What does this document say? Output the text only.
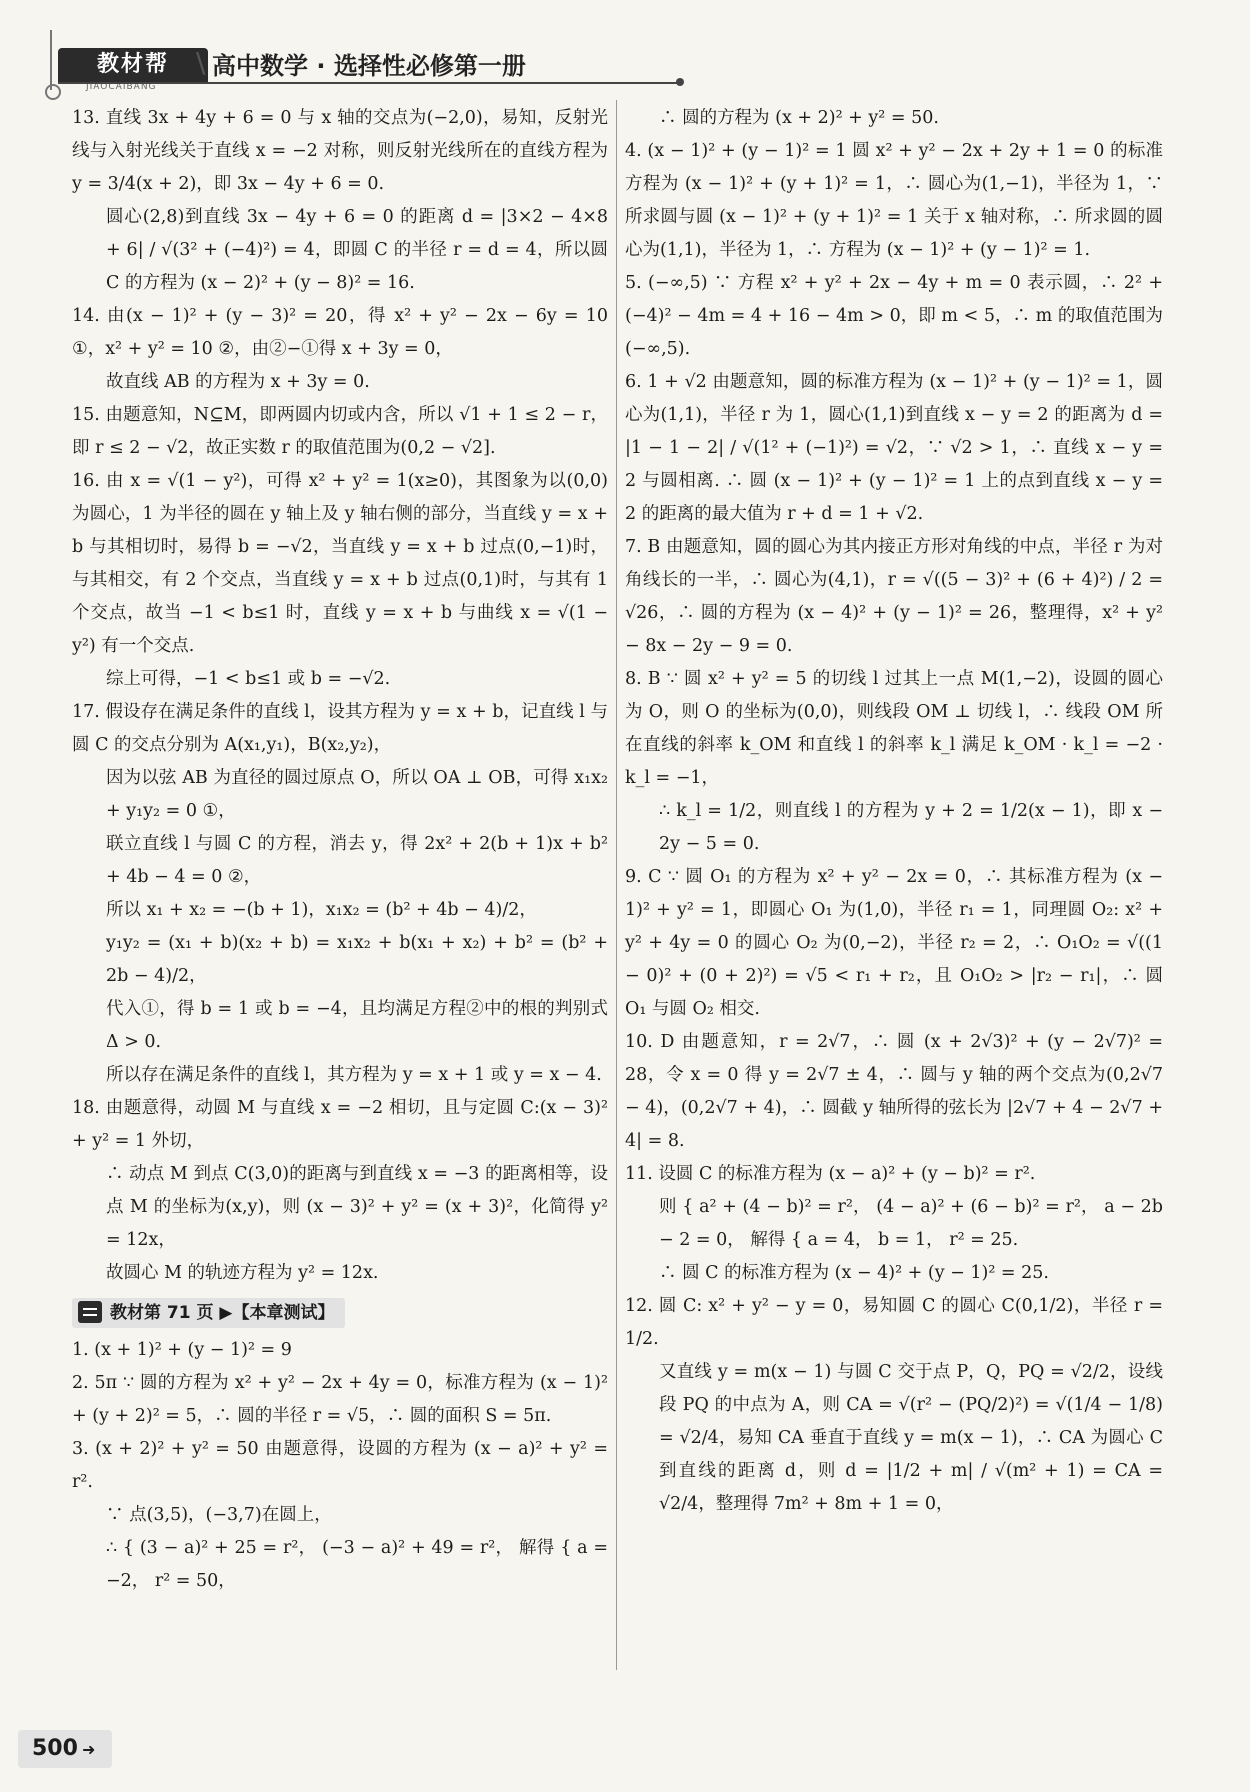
教材帮
JIAOCAIBANG
\ 高中数学 · 选择性必修第一册

13. 直线 3x + 4y + 6 = 0 与 x 轴的交点为(−2,0)，易知，反射光线与入射光线关于直线 x = −2 对称，则反射光线所在的直线方程为 y = 3/4(x + 2)，即 3x − 4y + 6 = 0.

圆心(2,8)到直线 3x − 4y + 6 = 0 的距离 d = |3×2 − 4×8 + 6| / √(3² + (−4)²) = 4，即圆 C 的半径 r = d = 4，所以圆 C 的方程为 (x − 2)² + (y − 8)² = 16.

14. 由(x − 1)² + (y − 3)² = 20，得 x² + y² − 2x − 6y = 10 ①，x² + y² = 10 ②，由②−①得 x + 3y = 0，

故直线 AB 的方程为 x + 3y = 0.

15. 由题意知，N⊆M，即两圆内切或内含，所以 √1 + 1 ≤ 2 − r，即 r ≤ 2 − √2，故正实数 r 的取值范围为(0,2 − √2].

16. 由 x = √(1 − y²)，可得 x² + y² = 1(x≥0)，其图象为以(0,0)为圆心，1 为半径的圆在 y 轴上及 y 轴右侧的部分，当直线 y = x + b 与其相切时，易得 b = −√2，当直线 y = x + b 过点(0,−1)时，与其相交，有 2 个交点，当直线 y = x + b 过点(0,1)时，与其有 1 个交点，故当 −1 < b≤1 时，直线 y = x + b 与曲线 x = √(1 − y²) 有一个交点.

综上可得，−1 < b≤1 或 b = −√2.

17. 假设存在满足条件的直线 l，设其方程为 y = x + b，记直线 l 与圆 C 的交点分别为 A(x₁,y₁)，B(x₂,y₂)，

因为以弦 AB 为直径的圆过原点 O，所以 OA ⊥ OB，可得 x₁x₂ + y₁y₂ = 0 ①，

联立直线 l 与圆 C 的方程，消去 y，得 2x² + 2(b + 1)x + b² + 4b − 4 = 0 ②，

所以 x₁ + x₂ = −(b + 1)，x₁x₂ = (b² + 4b − 4)/2，

y₁y₂ = (x₁ + b)(x₂ + b) = x₁x₂ + b(x₁ + x₂) + b² = (b² + 2b − 4)/2，

代入①，得 b = 1 或 b = −4，且均满足方程②中的根的判别式Δ > 0.

所以存在满足条件的直线 l，其方程为 y = x + 1 或 y = x − 4.

18. 由题意得，动圆 M 与直线 x = −2 相切，且与定圆 C:(x − 3)² + y² = 1 外切，

∴ 动点 M 到点 C(3,0)的距离与到直线 x = −3 的距离相等，设点 M 的坐标为(x,y)，则 (x − 3)² + y² = (x + 3)²，化简得 y² = 12x，

故圆心 M 的轨迹方程为 y² = 12x.

教材第 71 页 ▶【本章测试】

1. (x + 1)² + (y − 1)² = 9

2. 5π ∵ 圆的方程为 x² + y² − 2x + 4y = 0，标准方程为 (x − 1)² + (y + 2)² = 5，∴ 圆的半径 r = √5，∴ 圆的面积 S = 5π.

3. (x + 2)² + y² = 50 由题意得，设圆的方程为 (x − a)² + y² = r².

∵ 点(3,5)，(−3,7)在圆上，

∴ { (3 − a)² + 25 = r²， (−3 − a)² + 49 = r²， 解得 { a = −2， r² = 50，

∴ 圆的方程为 (x + 2)² + y² = 50.

4. (x − 1)² + (y − 1)² = 1 圆 x² + y² − 2x + 2y + 1 = 0 的标准方程为 (x − 1)² + (y + 1)² = 1，∴ 圆心为(1,−1)，半径为 1，∵ 所求圆与圆 (x − 1)² + (y + 1)² = 1 关于 x 轴对称，∴ 所求圆的圆心为(1,1)，半径为 1，∴ 方程为 (x − 1)² + (y − 1)² = 1.

5. (−∞,5) ∵ 方程 x² + y² + 2x − 4y + m = 0 表示圆，∴ 2² + (−4)² − 4m = 4 + 16 − 4m > 0，即 m < 5，∴ m 的取值范围为 (−∞,5).

6. 1 + √2 由题意知，圆的标准方程为 (x − 1)² + (y − 1)² = 1，圆心为(1,1)，半径 r 为 1，圆心(1,1)到直线 x − y = 2 的距离为 d = |1 − 1 − 2| / √(1² + (−1)²) = √2，∵ √2 > 1，∴ 直线 x − y = 2 与圆相离. ∴ 圆 (x − 1)² + (y − 1)² = 1 上的点到直线 x − y = 2 的距离的最大值为 r + d = 1 + √2.

7. B 由题意知，圆的圆心为其内接正方形对角线的中点，半径 r 为对角线长的一半，∴ 圆心为(4,1)，r = √((5 − 3)² + (6 + 4)²) / 2 = √26，∴ 圆的方程为 (x − 4)² + (y − 1)² = 26，整理得，x² + y² − 8x − 2y − 9 = 0.

8. B ∵ 圆 x² + y² = 5 的切线 l 过其上一点 M(1,−2)，设圆的圆心为 O，则 O 的坐标为(0,0)，则线段 OM ⊥ 切线 l，∴ 线段 OM 所在直线的斜率 k_OM 和直线 l 的斜率 k_l 满足 k_OM · k_l = −2 · k_l = −1，

∴ k_l = 1/2，则直线 l 的方程为 y + 2 = 1/2(x − 1)，即 x − 2y − 5 = 0.

9. C ∵ 圆 O₁ 的方程为 x² + y² − 2x = 0，∴ 其标准方程为 (x − 1)² + y² = 1，即圆心 O₁ 为(1,0)，半径 r₁ = 1，同理圆 O₂: x² + y² + 4y = 0 的圆心 O₂ 为(0,−2)，半径 r₂ = 2，∴ O₁O₂ = √((1 − 0)² + (0 + 2)²) = √5 < r₁ + r₂，且 O₁O₂ > |r₂ − r₁|，∴ 圆 O₁ 与圆 O₂ 相交.

10. D 由题意知，r = 2√7，∴ 圆 (x + 2√3)² + (y − 2√7)² = 28，令 x = 0 得 y = 2√7 ± 4，∴ 圆与 y 轴的两个交点为(0,2√7 − 4)，(0,2√7 + 4)，∴ 圆截 y 轴所得的弦长为 |2√7 + 4 − 2√7 + 4| = 8.

11. 设圆 C 的标准方程为 (x − a)² + (y − b)² = r².

则 { a² + (4 − b)² = r²， (4 − a)² + (6 − b)² = r²， a − 2b − 2 = 0， 解得 { a = 4， b = 1， r² = 25.

∴ 圆 C 的标准方程为 (x − 4)² + (y − 1)² = 25.

12. 圆 C: x² + y² − y = 0，易知圆 C 的圆心 C(0,1/2)，半径 r = 1/2.

又直线 y = m(x − 1) 与圆 C 交于点 P，Q，PQ = √2/2，设线段 PQ 的中点为 A，则 CA = √(r² − (PQ/2)²) = √(1/4 − 1/8) = √2/4，易知 CA 垂直于直线 y = m(x − 1)，∴ CA 为圆心 C 到直线的距离 d，则 d = |1/2 + m| / √(m² + 1) = CA = √2/4，整理得 7m² + 8m + 1 = 0，

500 ➜
